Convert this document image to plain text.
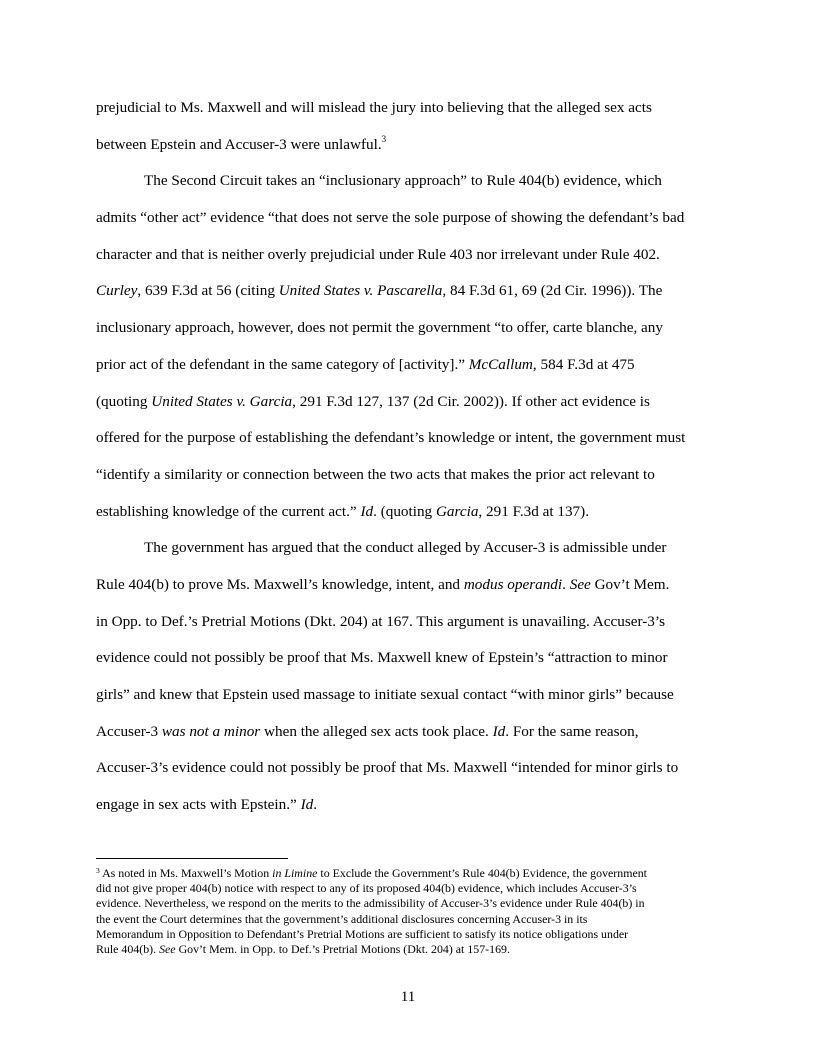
prejudicial to Ms. Maxwell and will mislead the jury into believing that the alleged sex acts
between Epstein and Accuser-3 were unlawful.$^3$
The Second Circuit takes an “inclusionary approach” to Rule 404(b) evidence, which
admits “other act” evidence “that does not serve the sole purpose of showing the defendant’s bad
character and that is neither overly prejudicial under Rule 403 nor irrelevant under Rule 402.
Curley, 639 F.3d at 56 (citing United States v. Pascarella, 84 F.3d 61, 69 (2d Cir. 1996)). The
inclusionary approach, however, does not permit the government “to offer, carte blanche, any
prior act of the defendant in the same category of [activity].” McCallum, 584 F.3d at 475
(quoting United States v. Garcia, 291 F.3d 127, 137 (2d Cir. 2002)). If other act evidence is
offered for the purpose of establishing the defendant’s knowledge or intent, the government must
“identify a similarity or connection between the two acts that makes the prior act relevant to
establishing knowledge of the current act.” Id. (quoting Garcia, 291 F.3d at 137).
The government has argued that the conduct alleged by Accuser-3 is admissible under
Rule 404(b) to prove Ms. Maxwell’s knowledge, intent, and modus operandi. See Gov’t Mem.
in Opp. to Def.’s Pretrial Motions (Dkt. 204) at 167. This argument is unavailing. Accuser-3’s
evidence could not possibly be proof that Ms. Maxwell knew of Epstein’s “attraction to minor
girls” and knew that Epstein used massage to initiate sexual contact “with minor girls” because
Accuser-3 was not a minor when the alleged sex acts took place. Id. For the same reason,
Accuser-3’s evidence could not possibly be proof that Ms. Maxwell “intended for minor girls to
engage in sex acts with Epstein.” Id.
$^3$ As noted in Ms. Maxwell’s Motion in Limine to Exclude the Government’s Rule 404(b) Evidence, the government
did not give proper 404(b) notice with respect to any of its proposed 404(b) evidence, which includes Accuser-3’s
evidence. Nevertheless, we respond on the merits to the admissibility of Accuser-3’s evidence under Rule 404(b) in
the event the Court determines that the government’s additional disclosures concerning Accuser-3 in its
Memorandum in Opposition to Defendant’s Pretrial Motions are sufficient to satisfy its notice obligations under
Rule 404(b). See Gov’t Mem. in Opp. to Def.’s Pretrial Motions (Dkt. 204) at 157-169.
11
